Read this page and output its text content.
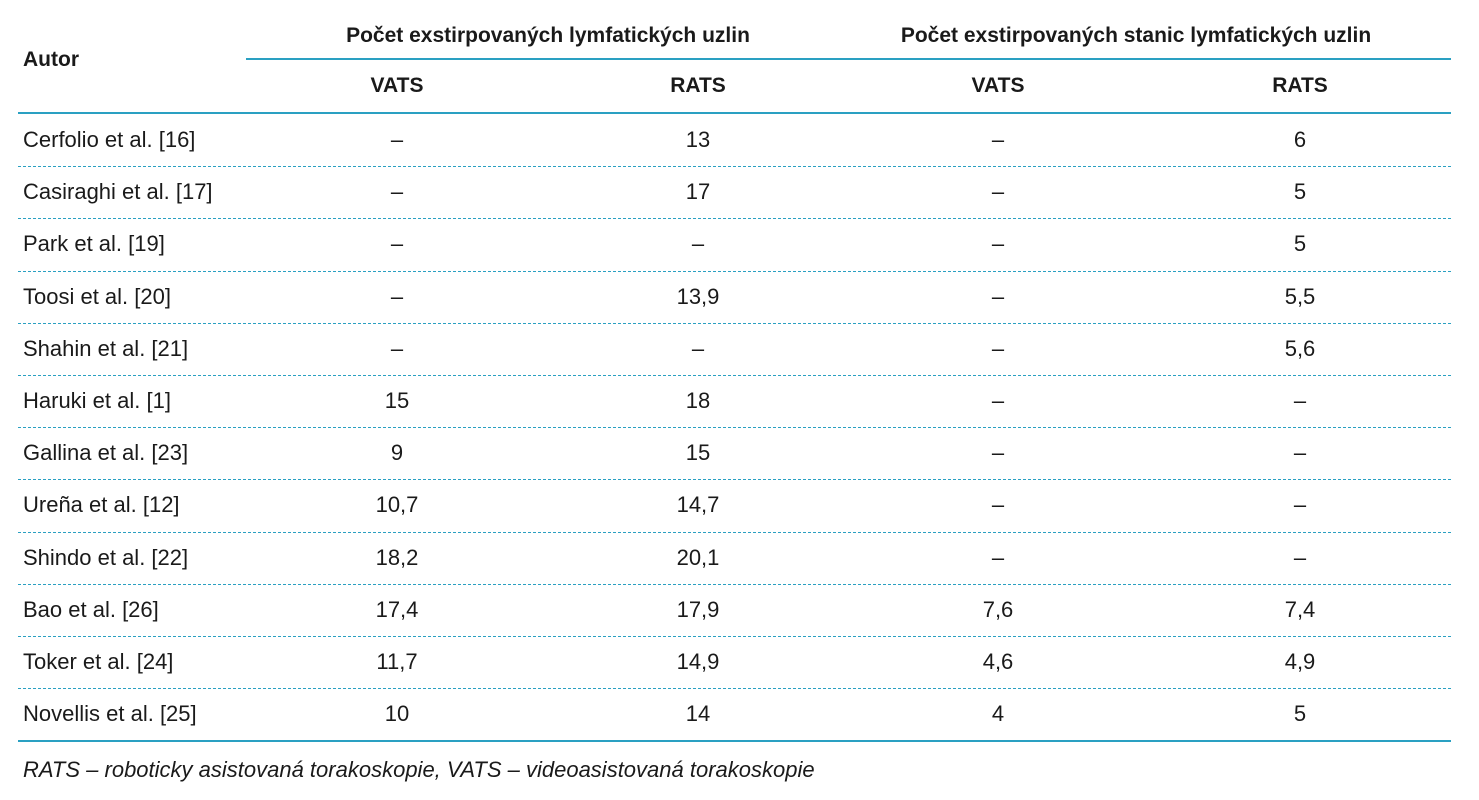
Autor
Počet exstirpovaných lymfatických uzlin	Počet exstirpovaných stanic lymfatických uzlin
VATS	RATS	VATS	RATS
Cerfolio et al. [16]	–	13	–	6
Casiraghi et al. [17]	–	17	–	5
Park et al. [19]	–	–	–	5
Toosi et al. [20]	–	13,9	–	5,5
Shahin et al. [21]	–	–	–	5,6
Haruki et al. [1]	15	18	–	–
Gallina et al. [23]	9	15	–	–
Ureña et al. [12]	10,7	14,7	–	–
Shindo et al. [22]	18,2	20,1	–	–
Bao et al. [26]	17,4	17,9	7,6	7,4
Toker et al. [24]	11,7	14,9	4,6	4,9
Novellis et al. [25]	10	14	4	5
RATS – roboticky asistovaná torakoskopie, VATS – videoasistovaná torakoskopie
